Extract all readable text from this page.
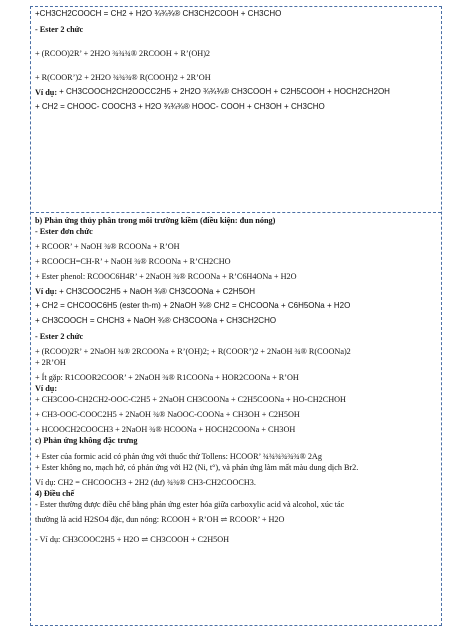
+CH3CH2COOCH = CH2 + H2O ¾¾¾® CH3CH2COOH + CH3CHO
- Ester 2 chức
+ (RCOO)2R’ + 2H2O ¾¾¾® 2RCOOH + R’(OH)2
+ R(COOR’)2 + 2H2O ¾¾¾® R(COOH)2 + 2R’OH
Ví dụ: + CH3COOCH2CH2OOCC2H5 + 2H2O ¾¾¾® CH3COOH + C2H5COOH + HOCH2CH2OH
+ CH2 = CHOOC- COOCH3 + H2O ¾¾¾® HOOC- COOH + CH3OH + CH3CHO
b) Phản ứng thủy phân trong môi trường kiềm (điều kiện: đun nóng)
- Ester đơn chức
+ RCOOR’ + NaOH ¾® RCOONa + R’OH
+ RCOOCH=CH-R’ + NaOH ¾® RCOONa + R’CH2CHO
+ Ester phenol: RCOOC6H4R’ + 2NaOH ¾® RCOONa + R’C6H4ONa + H2O
Ví dụ: + CH3COOC2H5 + NaOH ¾® CH3COONa + C2H5OH
+ CH2 = CHCOOC6H5 (ester th-m) + 2NaOH ¾® CH2 = CHCOONa + C6H5ONa + H2O
+ CH3COOCH = CHCH3 + NaOH ¾® CH3COONa + CH3CH2CHO
- Ester 2 chức
+ (RCOO)2R’ + 2NaOH ¾® 2RCOONa + R’(OH)2; + R(COOR’)2 + 2NaOH ¾® R(COONa)2
+ 2R’OH
+ Ít gặp: R1COOR2COOR’ + 2NaOH ¾® R1COONa + HOR2COONa + R’OH
Ví dụ:
+ CH3COO-CH2CH2-OOC-C2H5 + 2NaOH CH3COONa + C2H5COONa + HO-CH2CHOH
+ CH3-OOC-COOC2H5 + 2NaOH ¾® NaOOC-COONa + CH3OH + C2H5OH
+ HCOOCH2COOCH3 + 2NaOH ¾® HCOONa + HOCH2COONa + CH3OH
c) Phản ứng không đặc trưng
+ Ester của formic acid có phản ứng với thuốc thử Tollens: HCOOR’ ¾¾¾¾¾¾® 2Ag
+ Ester không no, mạch hở, có phản ứng với H2 (Ni, t°), và phản ứng làm mất màu dung dịch Br2.
Ví dụ: CH2 = CHCOOCH3 + 2H2 (dư) ¾¾® CH3-CH2COOCH3.
4) Điều chế
- Ester thường được điều chế bằng phản ứng ester hóa giữa carboxylic acid và alcohol, xúc tác
thường là acid H2SO4 đặc, đun nóng: RCOOH + R’OH ⇌ RCOOR’ + H2O
- Ví dụ: CH3COOC2H5 + H2O ⇌ CH3COOH + C2H5OH
